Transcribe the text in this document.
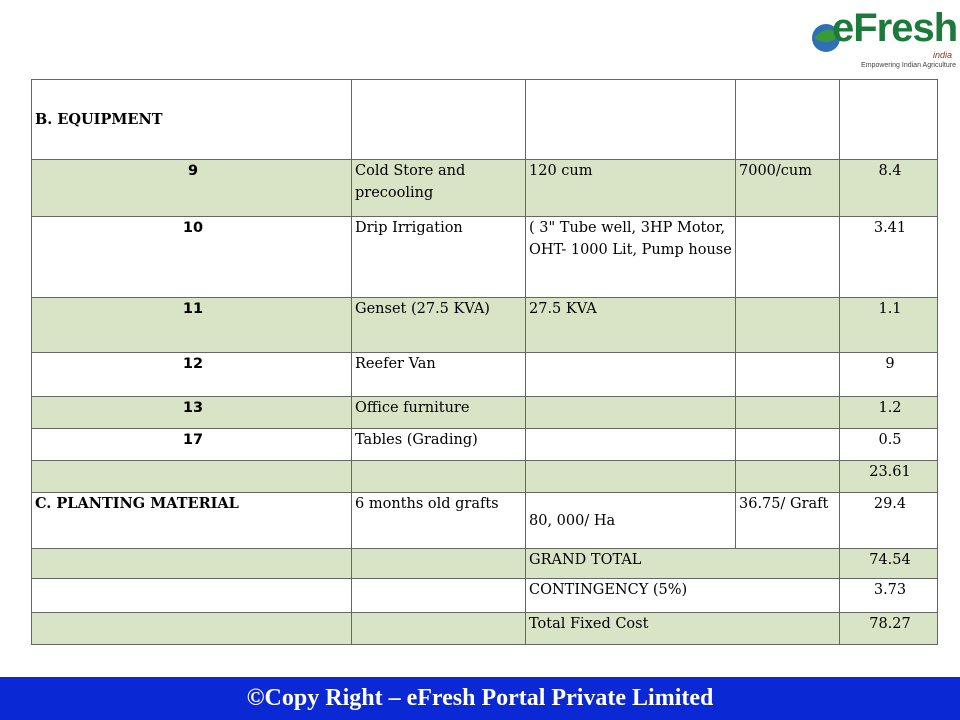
eFresh
india
Empowering Indian Agriculture
B. EQUIPMENT				
9	Cold Store and precooling	120 cum	7000/cum	8.4
10	Drip Irrigation	( 3" Tube well, 3HP Motor, OHT- 1000 Lit, Pump house		3.41
11	Genset (27.5 KVA)	27.5 KVA		1.1
12	Reefer Van			9
13	Office furniture			1.2
17	Tables (Grading)			0.5
				23.61
C. PLANTING MATERIAL	6 months old grafts	80, 000/ Ha	36.75/ Graft	29.4
		GRAND TOTAL		74.54
		CONTINGENCY (5%)		3.73
		Total Fixed Cost		78.27
©Copy Right – eFresh Portal Private Limited
